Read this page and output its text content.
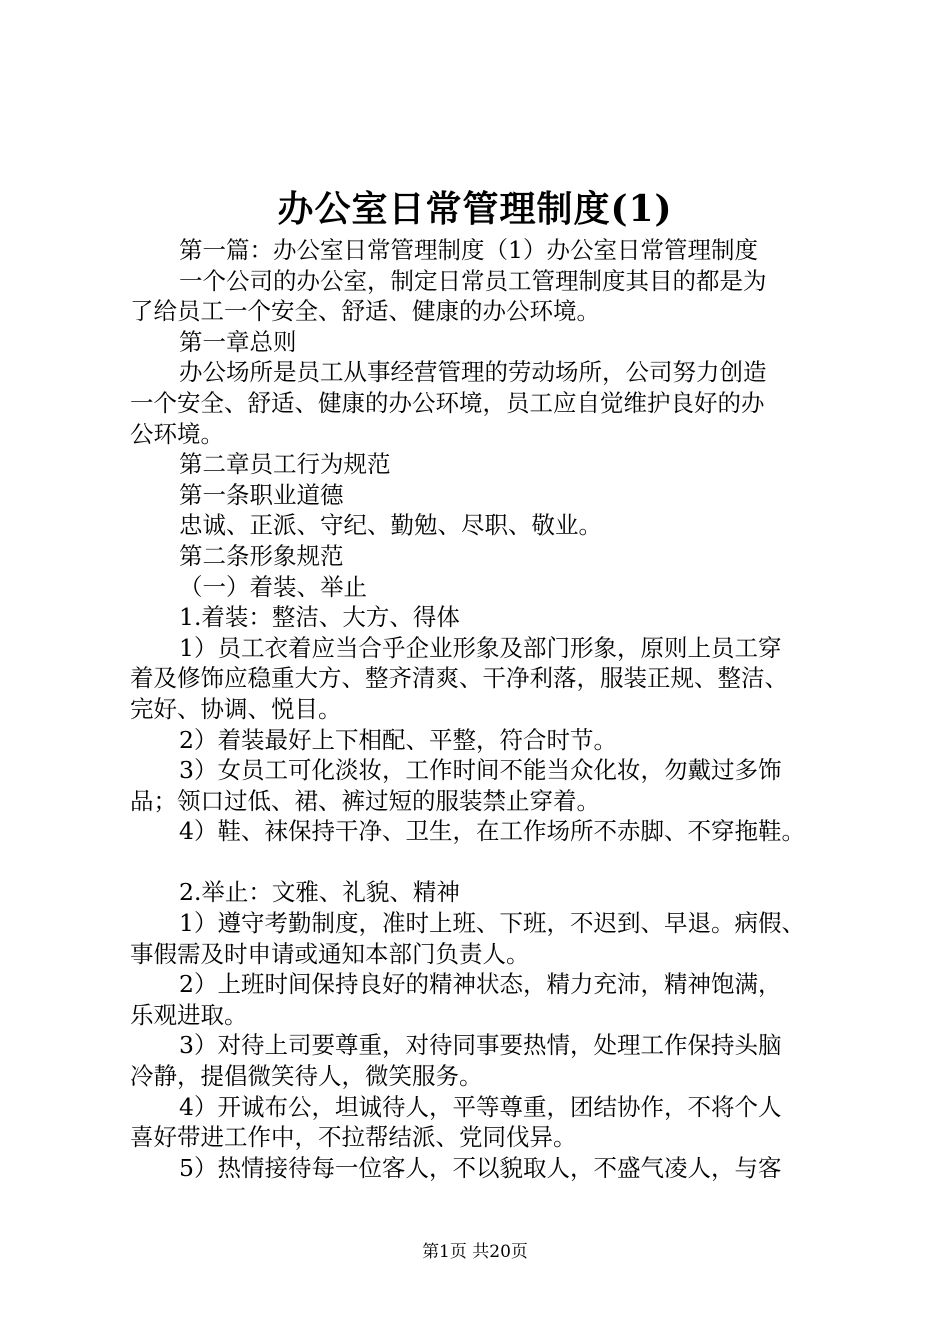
办公室日常管理制度(1)
第一篇：办公室日常管理制度（1）办公室日常管理制度
一个公司的办公室，制定日常员工管理制度其目的都是为
了给员工一个安全、舒适、健康的办公环境。
第一章总则
办公场所是员工从事经营管理的劳动场所，公司努力创造
一个安全、舒适、健康的办公环境，员工应自觉维护良好的办
公环境。
第二章员工行为规范
第一条职业道德
忠诚、正派、守纪、勤勉、尽职、敬业。
第二条形象规范
（一）着装、举止
1.着装：整洁、大方、得体
1）员工衣着应当合乎企业形象及部门形象，原则上员工穿
着及修饰应稳重大方、整齐清爽、干净利落，服装正规、整洁、
完好、协调、悦目。
2）着装最好上下相配、平整，符合时节。
3）女员工可化淡妆，工作时间不能当众化妆，勿戴过多饰
品；领口过低、裙、裤过短的服装禁止穿着。
4）鞋、袜保持干净、卫生，在工作场所不赤脚、不穿拖鞋。
2.举止：文雅、礼貌、精神
1）遵守考勤制度，准时上班、下班，不迟到、早退。病假、
事假需及时申请或通知本部门负责人。
2）上班时间保持良好的精神状态，精力充沛，精神饱满，
乐观进取。
3）对待上司要尊重，对待同事要热情，处理工作保持头脑
冷静，提倡微笑待人，微笑服务。
4）开诚布公，坦诚待人，平等尊重，团结协作，不将个人
喜好带进工作中，不拉帮结派、党同伐异。
5）热情接待每一位客人，不以貌取人，不盛气凌人，与客
第1页 共20页
